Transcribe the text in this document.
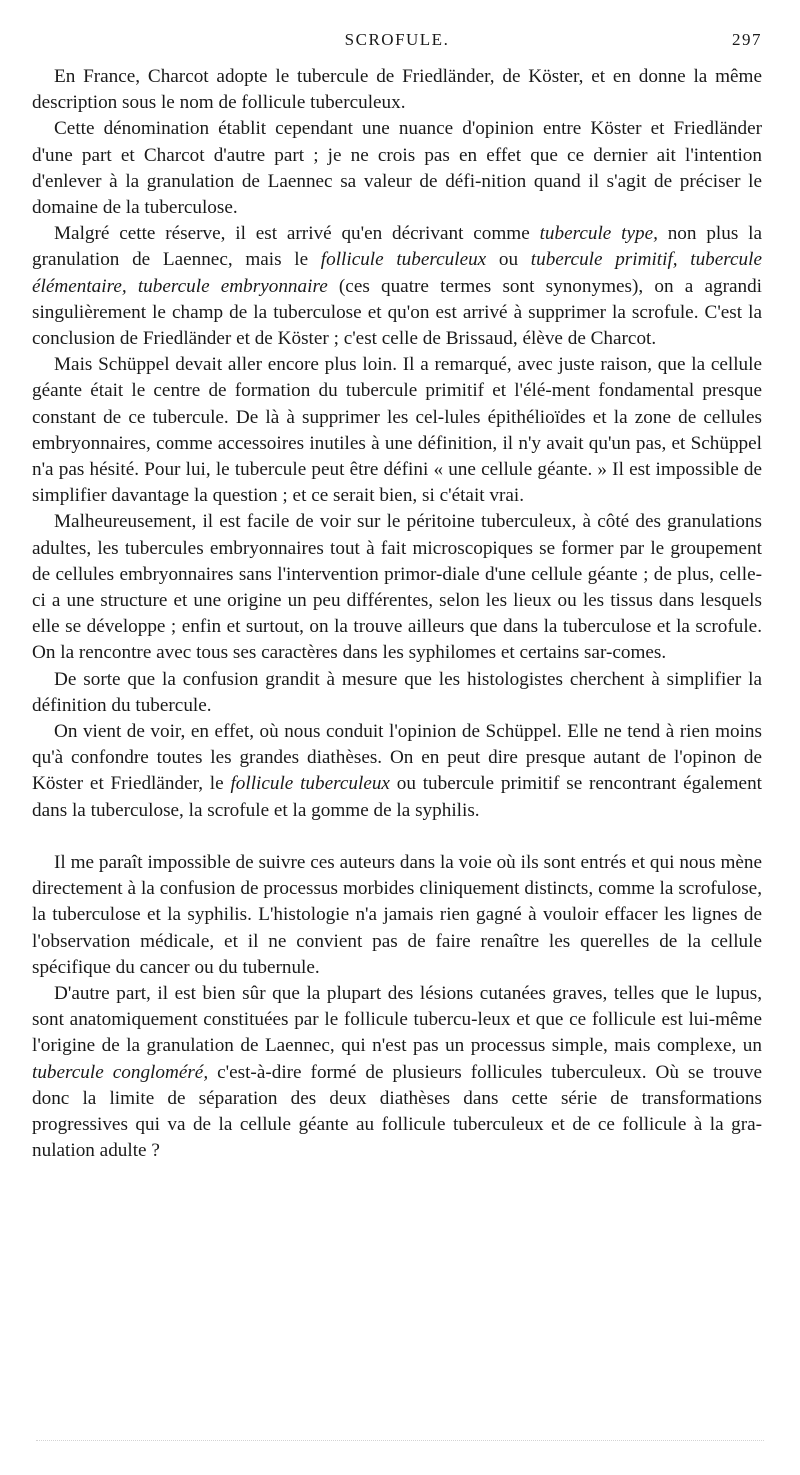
SCROFULE.	297

En France, Charcot adopte le tubercule de Friedländer, de Köster, et en donne la même description sous le nom de follicule tuberculeux.

Cette dénomination établit cependant une nuance d'opinion entre Köster et Friedländer d'une part et Charcot d'autre part ; je ne crois pas en effet que ce dernier ait l'intention d'enlever à la granulation de Laennec sa valeur de défi-nition quand il s'agit de préciser le domaine de la tuberculose.

Malgré cette réserve, il est arrivé qu'en décrivant comme tubercule type, non plus la granulation de Laennec, mais le follicule tuberculeux ou tubercule primitif, tubercule élémentaire, tubercule embryonnaire (ces quatre termes sont synonymes), on a agrandi singulièrement le champ de la tuberculose et qu'on est arrivé à supprimer la scrofule. C'est la conclusion de Friedländer et de Köster ; c'est celle de Brissaud, élève de Charcot.

Mais Schüppel devait aller encore plus loin. Il a remarqué, avec juste raison, que la cellule géante était le centre de formation du tubercule primitif et l'élé-ment fondamental presque constant de ce tubercule. De là à supprimer les cel-lules épithélioïdes et la zone de cellules embryonnaires, comme accessoires inutiles à une définition, il n'y avait qu'un pas, et Schüppel n'a pas hésité. Pour lui, le tubercule peut être défini « une cellule géante. » Il est impossible de simplifier davantage la question ; et ce serait bien, si c'était vrai.

Malheureusement, il est facile de voir sur le péritoine tuberculeux, à côté des granulations adultes, les tubercules embryonnaires tout à fait microscopiques se former par le groupement de cellules embryonnaires sans l'intervention primor-diale d'une cellule géante ; de plus, celle-ci a une structure et une origine un peu différentes, selon les lieux ou les tissus dans lesquels elle se développe ; enfin et surtout, on la trouve ailleurs que dans la tuberculose et la scrofule. On la rencontre avec tous ses caractères dans les syphilomes et certains sar-comes.

De sorte que la confusion grandit à mesure que les histologistes cherchent à simplifier la définition du tubercule.

On vient de voir, en effet, où nous conduit l'opinion de Schüppel. Elle ne tend à rien moins qu'à confondre toutes les grandes diathèses. On en peut dire presque autant de l'opinon de Köster et Friedländer, le follicule tuberculeux ou tubercule primitif se rencontrant également dans la tuberculose, la scrofule et la gomme de la syphilis.

Il me paraît impossible de suivre ces auteurs dans la voie où ils sont entrés et qui nous mène directement à la confusion de processus morbides cliniquement distincts, comme la scrofulose, la tuberculose et la syphilis. L'histologie n'a jamais rien gagné à vouloir effacer les lignes de l'observation médicale, et il ne convient pas de faire renaître les querelles de la cellule spécifique du cancer ou du tubernule.

D'autre part, il est bien sûr que la plupart des lésions cutanées graves, telles que le lupus, sont anatomiquement constituées par le follicule tubercu-leux et que ce follicule est lui-même l'origine de la granulation de Laennec, qui n'est pas un processus simple, mais complexe, un tubercule congloméré, c'est-à-dire formé de plusieurs follicules tuberculeux. Où se trouve donc la limite de séparation des deux diathèses dans cette série de transformations progressives qui va de la cellule géante au follicule tuberculeux et de ce follicule à la gra-nulation adulte ?
